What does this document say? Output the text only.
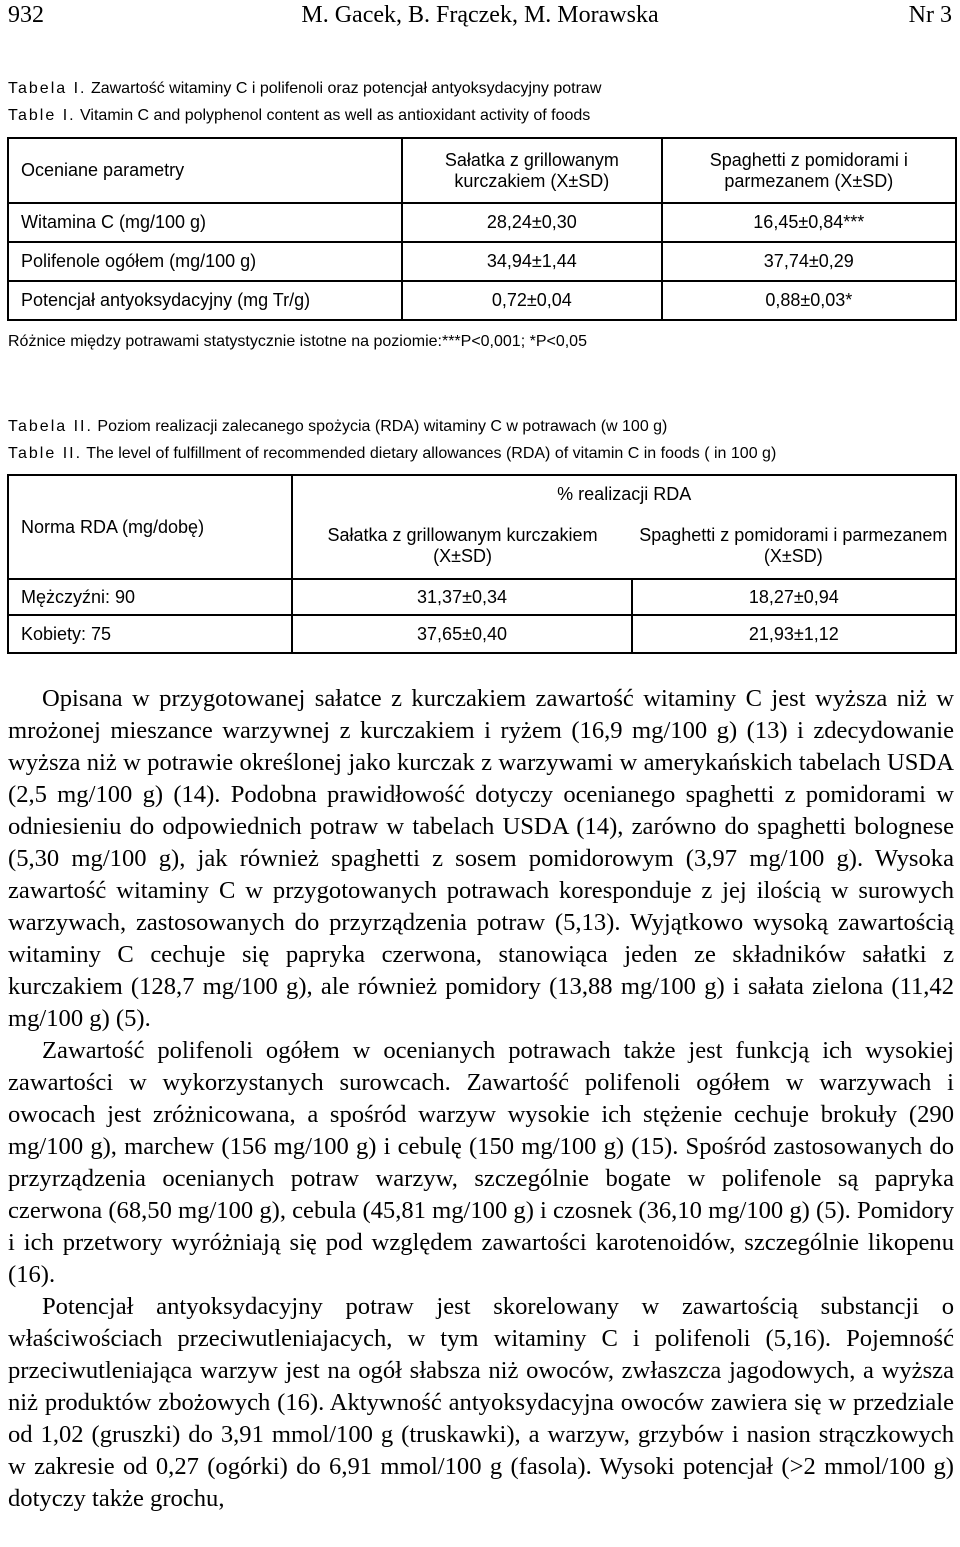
932	M. Gacek, B. Frączek, M. Morawska	Nr 3
Tabela I. Zawartość witaminy C i polifenoli oraz potencjał antyoksydacyjny potraw
Table I. Vitamin C and polyphenol content as well as antioxidant activity of foods
Oceniane parametry	Sałatka z grillowanym kurczakiem (X±SD)	Spaghetti z pomidorami i parmezanem (X±SD)
Witamina C (mg/100 g)	28,24±0,30	16,45±0,84***
Polifenole ogółem (mg/100 g)	34,94±1,44	37,74±0,29
Potencjał antyoksydacyjny (mg Tr/g)	0,72±0,04	0,88±0,03*
Różnice między potrawami statystycznie istotne na poziomie:***P<0,001; *P<0,05
Tabela II. Poziom realizacji zalecanego spożycia (RDA) witaminy C w potrawach (w 100 g)
Table II. The level of fulfillment of recommended dietary allowances (RDA) of vitamin C in foods ( in 100 g)
Norma RDA (mg/dobę)	% realizacji RDA	
	Sałatka z grillowanym kurczakiem (X±SD)	Spaghetti z pomidorami i parmezanem (X±SD)
Mężczyźni: 90	31,37±0,34	18,27±0,94
Kobiety: 75	37,65±0,40	21,93±1,12

Opisana w przygotowanej sałatce z kurczakiem zawartość witaminy C jest wyższa niż w mrożonej mieszance warzywnej z kurczakiem i ryżem (16,9 mg/100 g) (13) i zdecydowanie wyższa niż w potrawie określonej jako kurczak z warzywami w amerykańskich tabelach USDA (2,5 mg/100 g) (14). Podobna prawidłowość dotyczy ocenianego spaghetti z pomidorami w odniesieniu do odpowiednich potraw w tabelach USDA (14), zarówno do spaghetti bolognese (5,30 mg/100 g), jak również spaghetti z sosem pomidorowym (3,97 mg/100 g). Wysoka zawartość witaminy C w przygotowanych potrawach koresponduje z jej ilością w surowych warzywach, zastosowanych do przyrządzenia potraw (5,13). Wyjątkowo wysoką zawartością witaminy C cechuje się papryka czerwona, stanowiąca jeden ze składników sałatki z kurczakiem (128,7 mg/100 g), ale również pomidory (13,88 mg/100 g) i sałata zielona (11,42 mg/100 g) (5).

Zawartość polifenoli ogółem w ocenianych potrawach także jest funkcją ich wysokiej zawartości w wykorzystanych surowcach. Zawartość polifenoli ogółem w warzywach i owocach jest zróżnicowana, a spośród warzyw wysokie ich stężenie cechuje brokuły (290 mg/100 g), marchew (156 mg/100 g) i cebulę (150 mg/100 g) (15). Spośród zastosowanych do przyrządzenia ocenianych potraw warzyw, szczególnie bogate w polifenole są papryka czerwona (68,50 mg/100 g), cebula (45,81 mg/100 g) i czosnek (36,10 mg/100 g) (5). Pomidory i ich przetwory wyróżniają się pod względem zawartości karotenoidów, szczególnie likopenu (16).

Potencjał antyoksydacyjny potraw jest skorelowany w zawartością substancji o właściwościach przeciwutleniajacych, w tym witaminy C i polifenoli (5,16). Pojemność przeciwutleniająca warzyw jest na ogół słabsza niż owoców, zwłaszcza jagodowych, a wyższa niż produktów zbożowych (16). Aktywność antyoksydacyjna owoców zawiera się w przedziale od 1,02 (gruszki) do 3,91 mmol/100 g (truskawki), a warzyw, grzybów i nasion strączkowych w zakresie od 0,27 (ogórki) do 6,91 mmol/100 g (fasola). Wysoki potencjał (>2 mmol/100 g) dotyczy także grochu,
